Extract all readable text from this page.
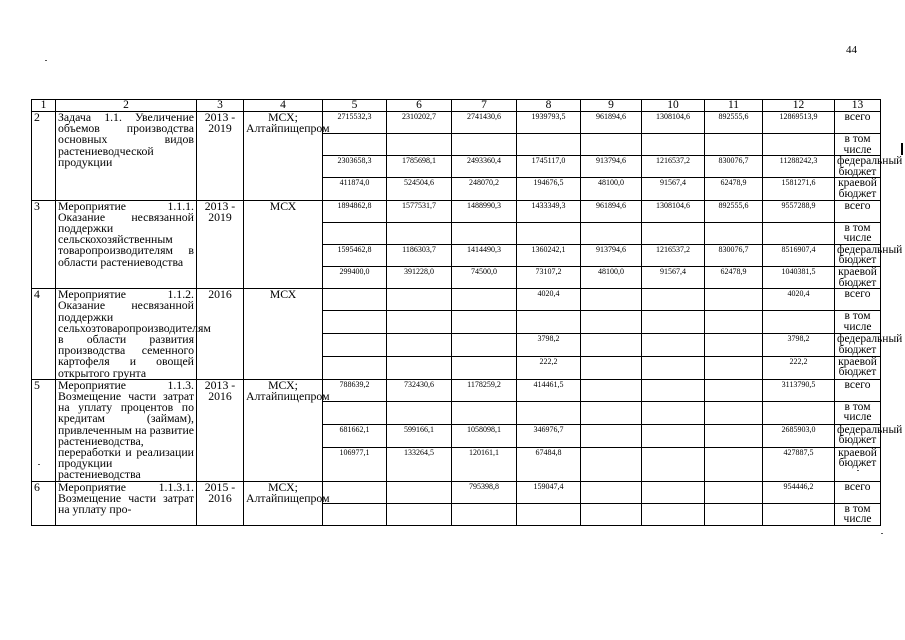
44
1	2	3	4	5	6	7	8	9	10	11	12	13
2	Задача 1.1. Увеличение объемов производства основных видов растениеводческой продукции	2013 - 2019	МСХ; Алтайпищепром	2715532,3	2310202,7	2741430,6	1939793,5	961894,6	1308104,6	892555,6	12869513,9	всего

												в том числе

				2303658,3	1785698,1	2493360,4	1745117,0	913794,6	1216537,2	830076,7	11288242,3	федеральный бюджет

				411874,0	524504,6	248070,2	194676,5	48100,0	91567,4	62478,9	1581271,6	краевой бюджет

3	Мероприятие 1.1.1. Оказание несвязанной поддержки сельскохозяйственным товаропроизводителям в области растениеводства	2013 - 2019	МСХ	1894862,8	1577531,7	1488990,3	1433349,3	961894,6	1308104,6	892555,6	9557288,9	всего

												в том числе

				1595462,8	1186303,7	1414490,3	1360242,1	913794,6	1216537,2	830076,7	8516907,4	федеральный бюджет

				299400,0	391228,0	74500,0	73107,2	48100,0	91567,4	62478,9	1040381,5	краевой бюджет

4	Мероприятие 1.1.2. Оказание несвязанной поддержки сельхозтоваропроизводителям в области развития производства семенного картофеля и овощей открытого грунта	2016	МСХ				4020,4				4020,4	всего

												в том числе

							3798,2				3798,2	федеральный бюджет

							222,2				222,2	краевой бюджет

5	Мероприятие 1.1.3. Возмещение части затрат на уплату процентов по кредитам (займам), привлеченным на развитие растениеводства, переработки и реализации продукции растениеводства	2013 - 2016	МСХ; Алтайпищепром	788639,2	732430,6	1178259,2	414461,5				3113790,5	всего

												в том числе

				681662,1	599166,1	1058098,1	346976,7				2685903,0	федеральный бюджет

				106977,1	133264,5	120161,1	67484,8				427887,5	краевой бюджет

6	Мероприятие 1.1.3.1. Возмещение части затрат на уплату про-	2015 - 2016	МСХ; Алтайпищепром			795398,8	159047,4				954446,2	всего

												в том числе
